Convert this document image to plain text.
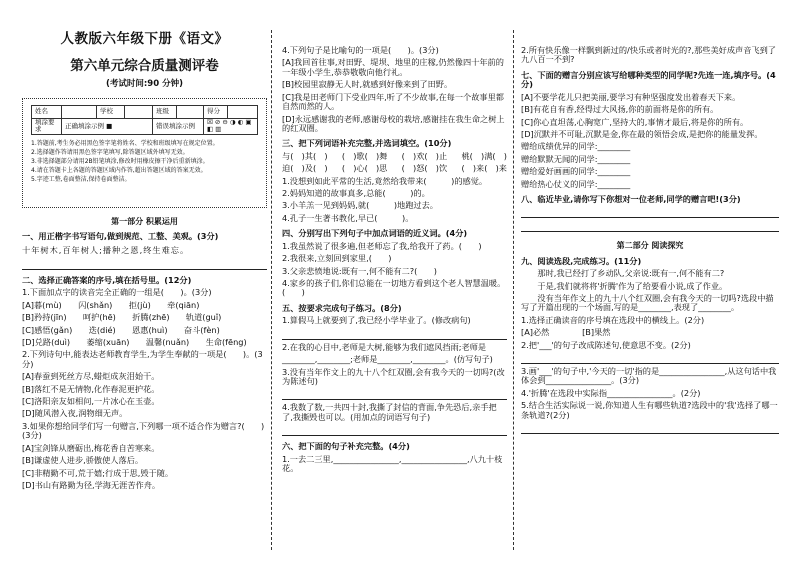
人教版六年级下册《语文》
第六单元综合质量测评卷
(考试时间:90 分钟)
姓名		学校		班级		得分	
填涂要求	正确填涂示例 ■			错误填涂示例		☒ ⊘ ⊖ ◑ ◐ ▣ ◧ ▥	
1.答题前,考生务必用黑色签字笔将姓名、学校和班级填写在规定位置。
2.选择题作答请用黑色签字笔填写,除答题区域外填写无效。
3.非选择题部分请用2B铅笔填涂,修改时用橡皮擦干净后重新填涂。
4.请在答题卡上各题的答题区域内作答,超出答题区域的答案无效。
5.字迹工整,卷面整洁,保持卷面整洁。
第一部分 积累运用
一、用正楷字书写语句,做到规范、工整、美观。(3分)
十年树木,百年树人;播种之恩,终生难忘。
二、选择正确答案的序号,填在括号里。(12分)
1.下面加点字的读音完全正确的一组是(　　)。(3分)
[A]暮(mù)　　闪(shǎn)　　拒(jù)　　牵(qiān)
[B]矜持(jīn)　　呵护(hē)　　折腾(zhē)　　轨道(guǐ)
[C]感悟(gǎn)　　迭(dié)　　恩惠(huì)　　奋斗(fèn)
[D]兑路(duì)　　萎缩(xuān)　　温馨(nuǎn)　　生命(fēng)
2.下列诗句中,能表达老师教育学生,为学生奉献的一项是(　　)。(3分)
[A]春蚕到死丝方尽,蜡炬成灰泪始干。
[B]落红不是无情物,化作春泥更护花。
[C]洛阳亲友如相问,一片冰心在玉壶。
[D]随风潜入夜,润物细无声。
3.如果你想给同学们写一句赠言,下列哪一项不适合作为赠言?(　　)(3分)
[A]宝剑锋从磨砺出,梅花香自苦寒来。
[B]谦虚使人进步,骄傲使人落后。
[C]非精勤不可,荒于嬉;行成于思,毁于随。
[D]书山有路勤为径,学海无涯苦作舟。
4.下列句子是比喻句的一项是(　　)。(3分)
[A]我回首往事,对田野、堤坝、地里的庄稼,仍然像四十年前的一年级小学生,恭恭敬敬向他行礼。
[B]校园里寂静无人时,就感到好像来到了田野。
[C]我是田老师门下受业四年,听了不少故事,在每一个故事里都自然而然的人。
[D]永远感谢我的老师,感谢母校的栽培,感谢挂在我生命之树上的红双圈。
三、把下列词语补充完整,并选词填空。(10分)
与(　)其(　) (　)歌(　)舞 (　)欢(　)止 桃(　)满(　)
迫(　)及(　) (　)心(　)思 (　)怒(　)饮 (　)来(　)来
1.没想到如此平常的生活,竟然给我带来(　　　)的感觉。
2.妈妈知道的故事真多,总能(　　　)的。
3.小羊羔一见到妈妈,就(　　　)地跑过去。
4.孔子一生著书教化,早已(　　　)。
四、分别写出下列句子中加点词语的近义词。(4分)
1.我虽然说了很多遍,但老师忘了我,给我开了药。(　　)
2.我很来,立刻回到家里,(　　)
3.父亲悲愤地说:既有一,何不能有二?(　　)
4.家乡的孩子们,你们总能在一切地方看到这个老人智慧温暖。(　　)
五、按要求完成句子练习。(8分)
1.算假马上就要到了,我已经小学毕业了。(修改病句)
2.在我的心目中,老师是大树,能够为我们遮风挡雨;老师是
________,________;老师是________,________。(仿写句子)
3.没有当年作文上的九十八个红双圈,会有我今天的一切吗?(改为陈述句)
4.我数了数,一共四十封,我撕了封信的背面,争先恐后,亲手把了,我撕毁也可以。(用加点的词语写句子)
六、把下面的句子补充完整。(4分)
1.一去二三里,________________,________________,八九十枝花。
2.所有快乐像一样飘到新过的/快乐或者时光的?,那些美好成声音飞到了九八百一不到?
七、下面的赠言分别应该写给哪种类型的同学呢?先连一连,填序号。(4分)
[A]不要学花儿只把美丽,要学习有种坚强度发出着春天下来。
[B]有花自有香,经得过大风扬,你的前面将是你的所有。
[C]你心直坦荡,心胸宽广,坚持大的,事情才最后,将是你的所有。
[D]沉默并不可耻,沉默是金,你在最的领悟会成,是把你的能量发挥。
赠给成绩优异的同学:________
赠给默默无闻的同学:________
赠给爱好画画的同学:________
赠给热心仗义的同学:________
八、临近毕业,请你写下你想对一位老师,同学的赠言吧!(3分)
第二部分 阅读探究
九、阅读选段,完成练习。(11分)
那时,我已经打了乡动队,父亲说:既有一,何不能有二?
于是,我们就将将'折腾'作为了给要看小说,成了作业。
没有当年作文上的九十八个红双圈,会有我今天的一切吗?选段中描写了开篇出现的一个场面,写的是________,表现了________。
1.选择正确读音的序号填在选段中的横线上。(2分)
[A]必然　　　　[B]果然
2.把'___'的句子改成陈述句,使意思不变。(2分)
3.画'___'的句子中,'今天的一切'指的是________________,从这句话中我体会到________________。(3分)
4.'折腾'在选段中实际指________________。(2分)
5.结合生活实际说一说,你知道人生有哪些轨道?选段中的'我'选择了哪一条轨道?(2分)
